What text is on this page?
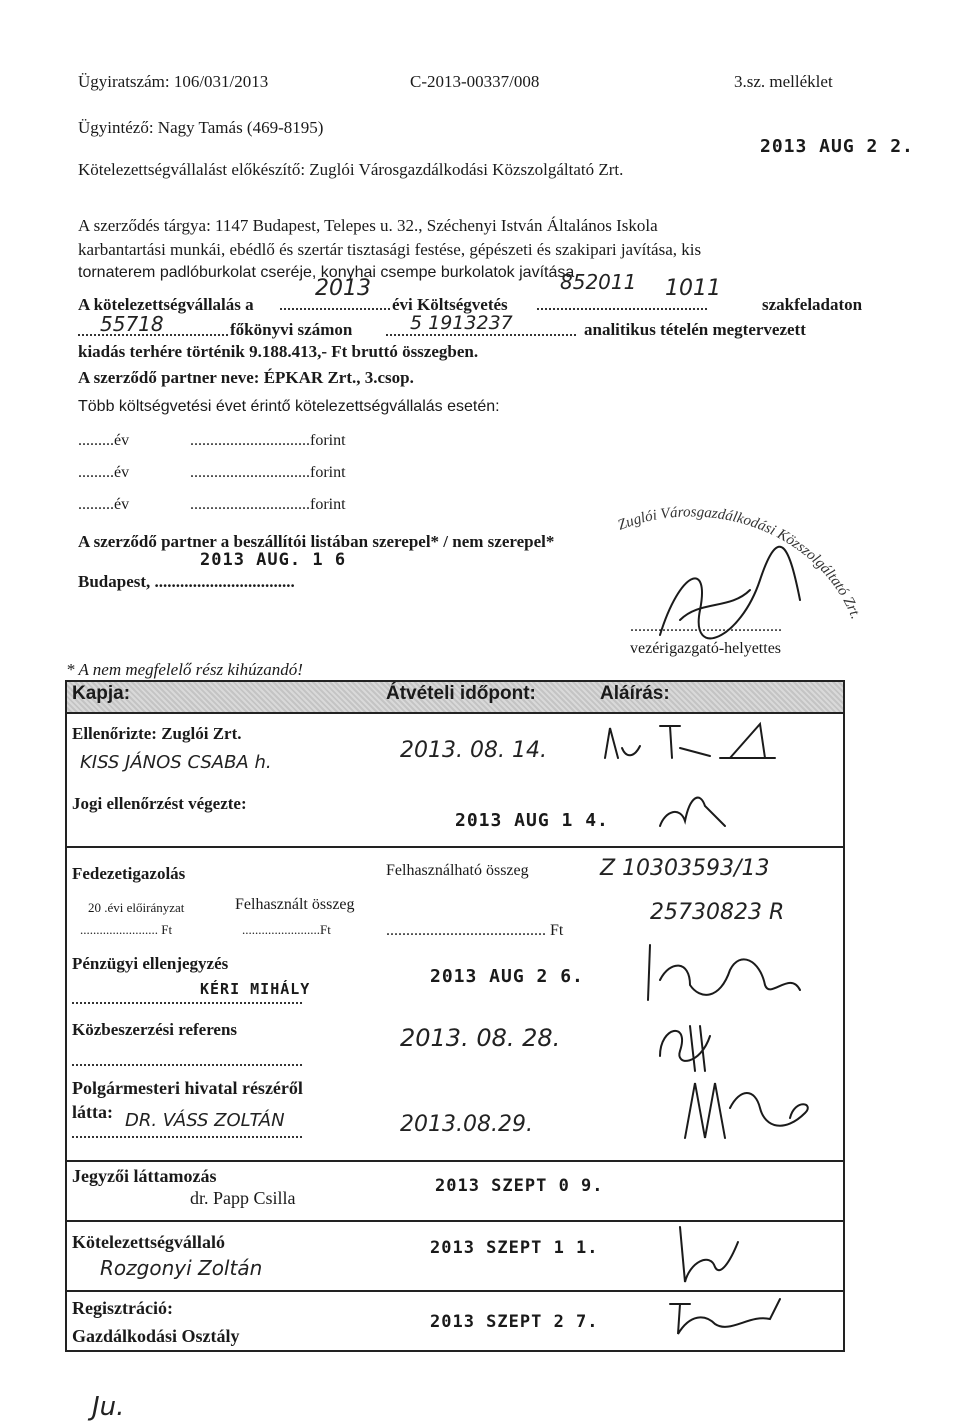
Ügyiratszám: 106/031/2013	C-2013-00337/008	3.sz. melléklet
Ügyintéző: Nagy Tamás (469-8195)
2013 AUG 2 2.
Kötelezettségvállalást előkészítő: Zuglói Városgazdálkodási Közszolgáltató Zrt.
A szerződés tárgya: 1147 Budapest, Telepes u. 32., Széchenyi István Általános Iskola
karbantartási munkái, ebédlő és szertár tisztasági festése, gépészeti és szakipari javítása, kis
tornaterem padlóburkolat cseréje, konyhai csempe burkolatok javítása
A kötelezettségvállalás a
2013
évi Költségvetés
852011 1011
szakfeladaton
55718	főkönyvi számon	5 1913237	analitikus tételén megtervezett
kiadás terhére történik 9.188.413,- Ft bruttó összegben.
A szerződő partner neve: ÉPKAR Zrt., 3.csop.
Több költségvetési évet érintő kötelezettségvállalás esetén:
.........év	..............................forint
.........év	..............................forint
.........év	..............................forint
A szerződő partner a beszállítói listában szerepel* / nem szerepel*
2013 AUG. 1 6
Budapest, .................................
Zuglói Városgazdálkodási Közszolgáltató Zrt.
......................................
vezérigazgató-helyettes
* A nem megfelelő rész kihúzandó!
Kapja:	Átvételi időpont:	Aláírás:
Ellenőrizte: Zuglói Zrt.
KISS JÁNOS CSABA h.	2013. 08. 14.
Jogi ellenőrzést végezte:
2013 AUG 1 4.
Fedezetigazolás	Felhasználható összeg	Z 10303593/13
20 .évi előirányzat	Felhasznált összeg	25730823 R
........................ Ft	........................Ft	........................................ Ft
Pénzügyi ellenjegyzés
KÉRI MIHÁLY
2013 AUG 2 6.
Közbeszerzési referens	2013. 08. 28.
Polgármesteri hivatal részéről
látta: DR. VÁSS ZOLTÁN	2013.08.29.
Jegyzői láttamozás
dr. Papp Csilla
2013 SZEPT 0 9.
Kötelezettségvállaló
Rozgonyi Zoltán
2013 SZEPT 1 1.
Regisztráció:
Gazdálkodási Osztály
2013 SZEPT 2 7.
Ju.
